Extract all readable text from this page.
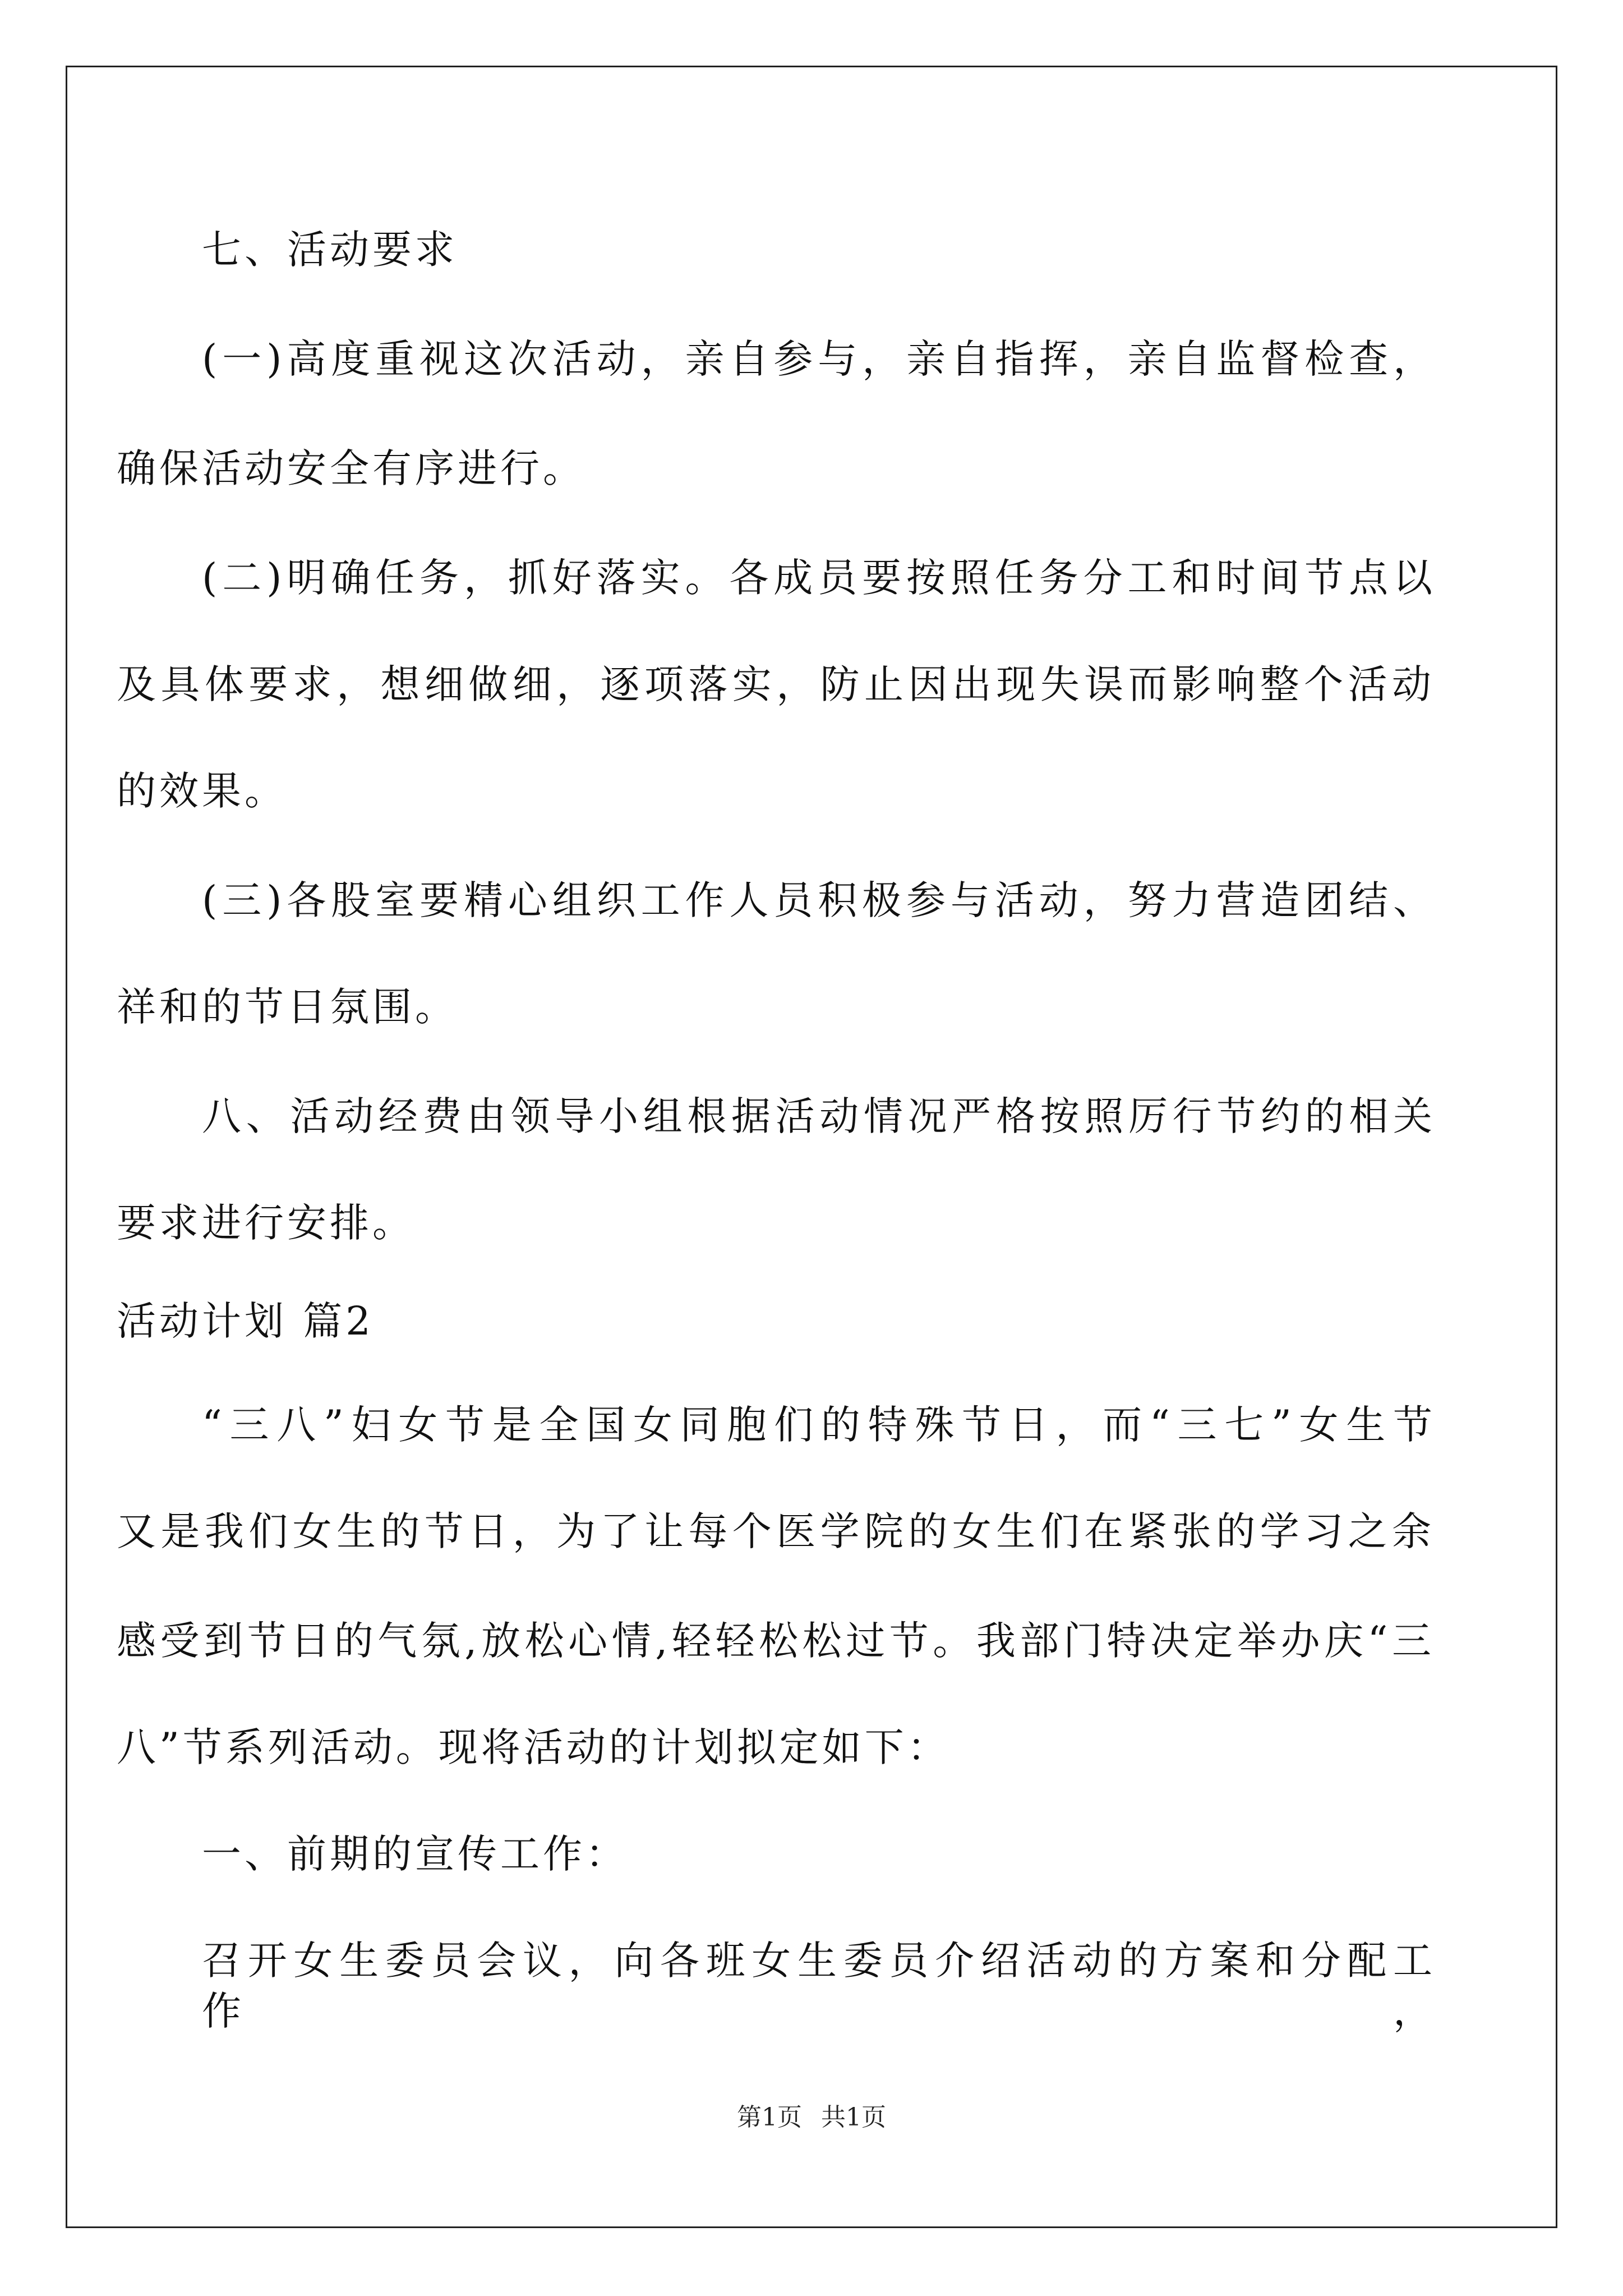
七、活动要求
(一)高度重视这次活动，亲自参与，亲自指挥，亲自监督检查，
确保活动安全有序进行。
(二)明确任务，抓好落实。各成员要按照任务分工和时间节点以
及具体要求，想细做细，逐项落实，防止因出现失误而影响整个活动
的效果。
(三)各股室要精心组织工作人员积极参与活动，努力营造团结、
祥和的节日氛围。
八、活动经费由领导小组根据活动情况严格按照厉行节约的相关
要求进行安排。
活动计划 篇2
“三八”妇女节是全国女同胞们的特殊节日，而“三七”女生节
又是我们女生的节日，为了让每个医学院的女生们在紧张的学习之余
感受到节日的气氛,放松心情,轻轻松松过节。我部门特决定举办庆“三
八”节系列活动。现将活动的计划拟定如下：
一、前期的宣传工作：
召开女生委员会议，向各班女生委员介绍活动的方案和分配工作，
第1页 共1页
